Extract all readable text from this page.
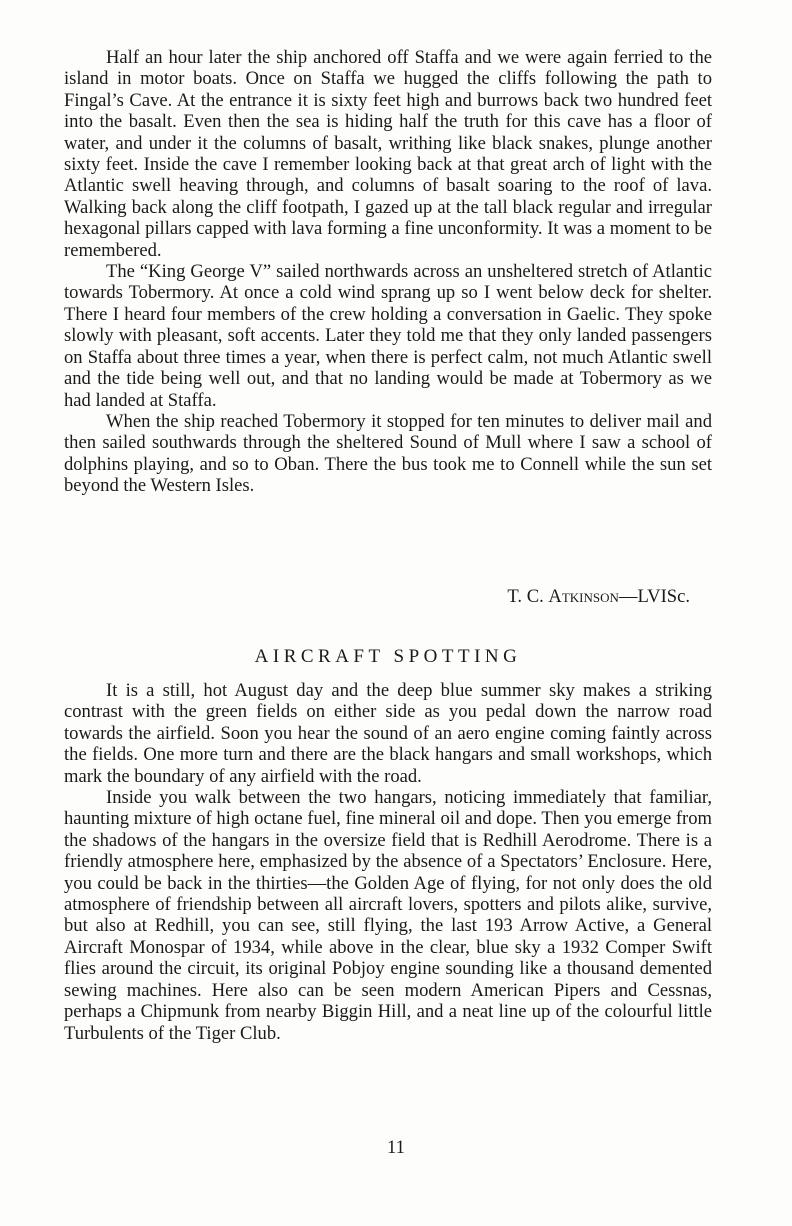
Half an hour later the ship anchored off Staffa and we were again ferried to the island in motor boats. Once on Staffa we hugged the cliffs following the path to Fingal’s Cave. At the entrance it is sixty feet high and burrows back two hundred feet into the basalt. Even then the sea is hiding half the truth for this cave has a floor of water, and under it the columns of basalt, writhing like black snakes, plunge another sixty feet. Inside the cave I remember looking back at that great arch of light with the Atlantic swell heaving through, and columns of basalt soaring to the roof of lava. Walking back along the cliff footpath, I gazed up at the tall black regular and irregular hexagonal pillars capped with lava forming a fine unconformity. It was a moment to be remembered.

The “King George V” sailed northwards across an unsheltered stretch of Atlantic towards Tobermory. At once a cold wind sprang up so I went below deck for shelter. There I heard four members of the crew holding a conversation in Gaelic. They spoke slowly with pleasant, soft accents. Later they told me that they only landed passengers on Staffa about three times a year, when there is perfect calm, not much Atlantic swell and the tide being well out, and that no landing would be made at Tobermory as we had landed at Staffa.

When the ship reached Tobermory it stopped for ten minutes to deliver mail and then sailed southwards through the sheltered Sound of Mull where I saw a school of dolphins playing, and so to Oban. There the bus took me to Connell while the sun set beyond the Western Isles.

T. C. Atkinson—LVISc.
AIRCRAFT SPOTTING

It is a still, hot August day and the deep blue summer sky makes a striking contrast with the green fields on either side as you pedal down the narrow road towards the airfield. Soon you hear the sound of an aero engine coming faintly across the fields. One more turn and there are the black hangars and small workshops, which mark the boundary of any airfield with the road.

Inside you walk between the two hangars, noticing immediately that familiar, haunting mixture of high octane fuel, fine mineral oil and dope. Then you emerge from the shadows of the hangars in the oversize field that is Redhill Aerodrome. There is a friendly atmosphere here, emphasized by the absence of a Spectators’ Enclosure. Here, you could be back in the thirties—the Golden Age of flying, for not only does the old atmosphere of friendship between all aircraft lovers, spotters and pilots alike, survive, but also at Redhill, you can see, still flying, the last 193 Arrow Active, a General Aircraft Monospar of 1934, while above in the clear, blue sky a 1932 Comper Swift flies around the circuit, its original Pobjoy engine sounding like a thousand demented sewing machines. Here also can be seen modern American Pipers and Cessnas, perhaps a Chipmunk from nearby Biggin Hill, and a neat line up of the colourful little Turbulents of the Tiger Club.

11
